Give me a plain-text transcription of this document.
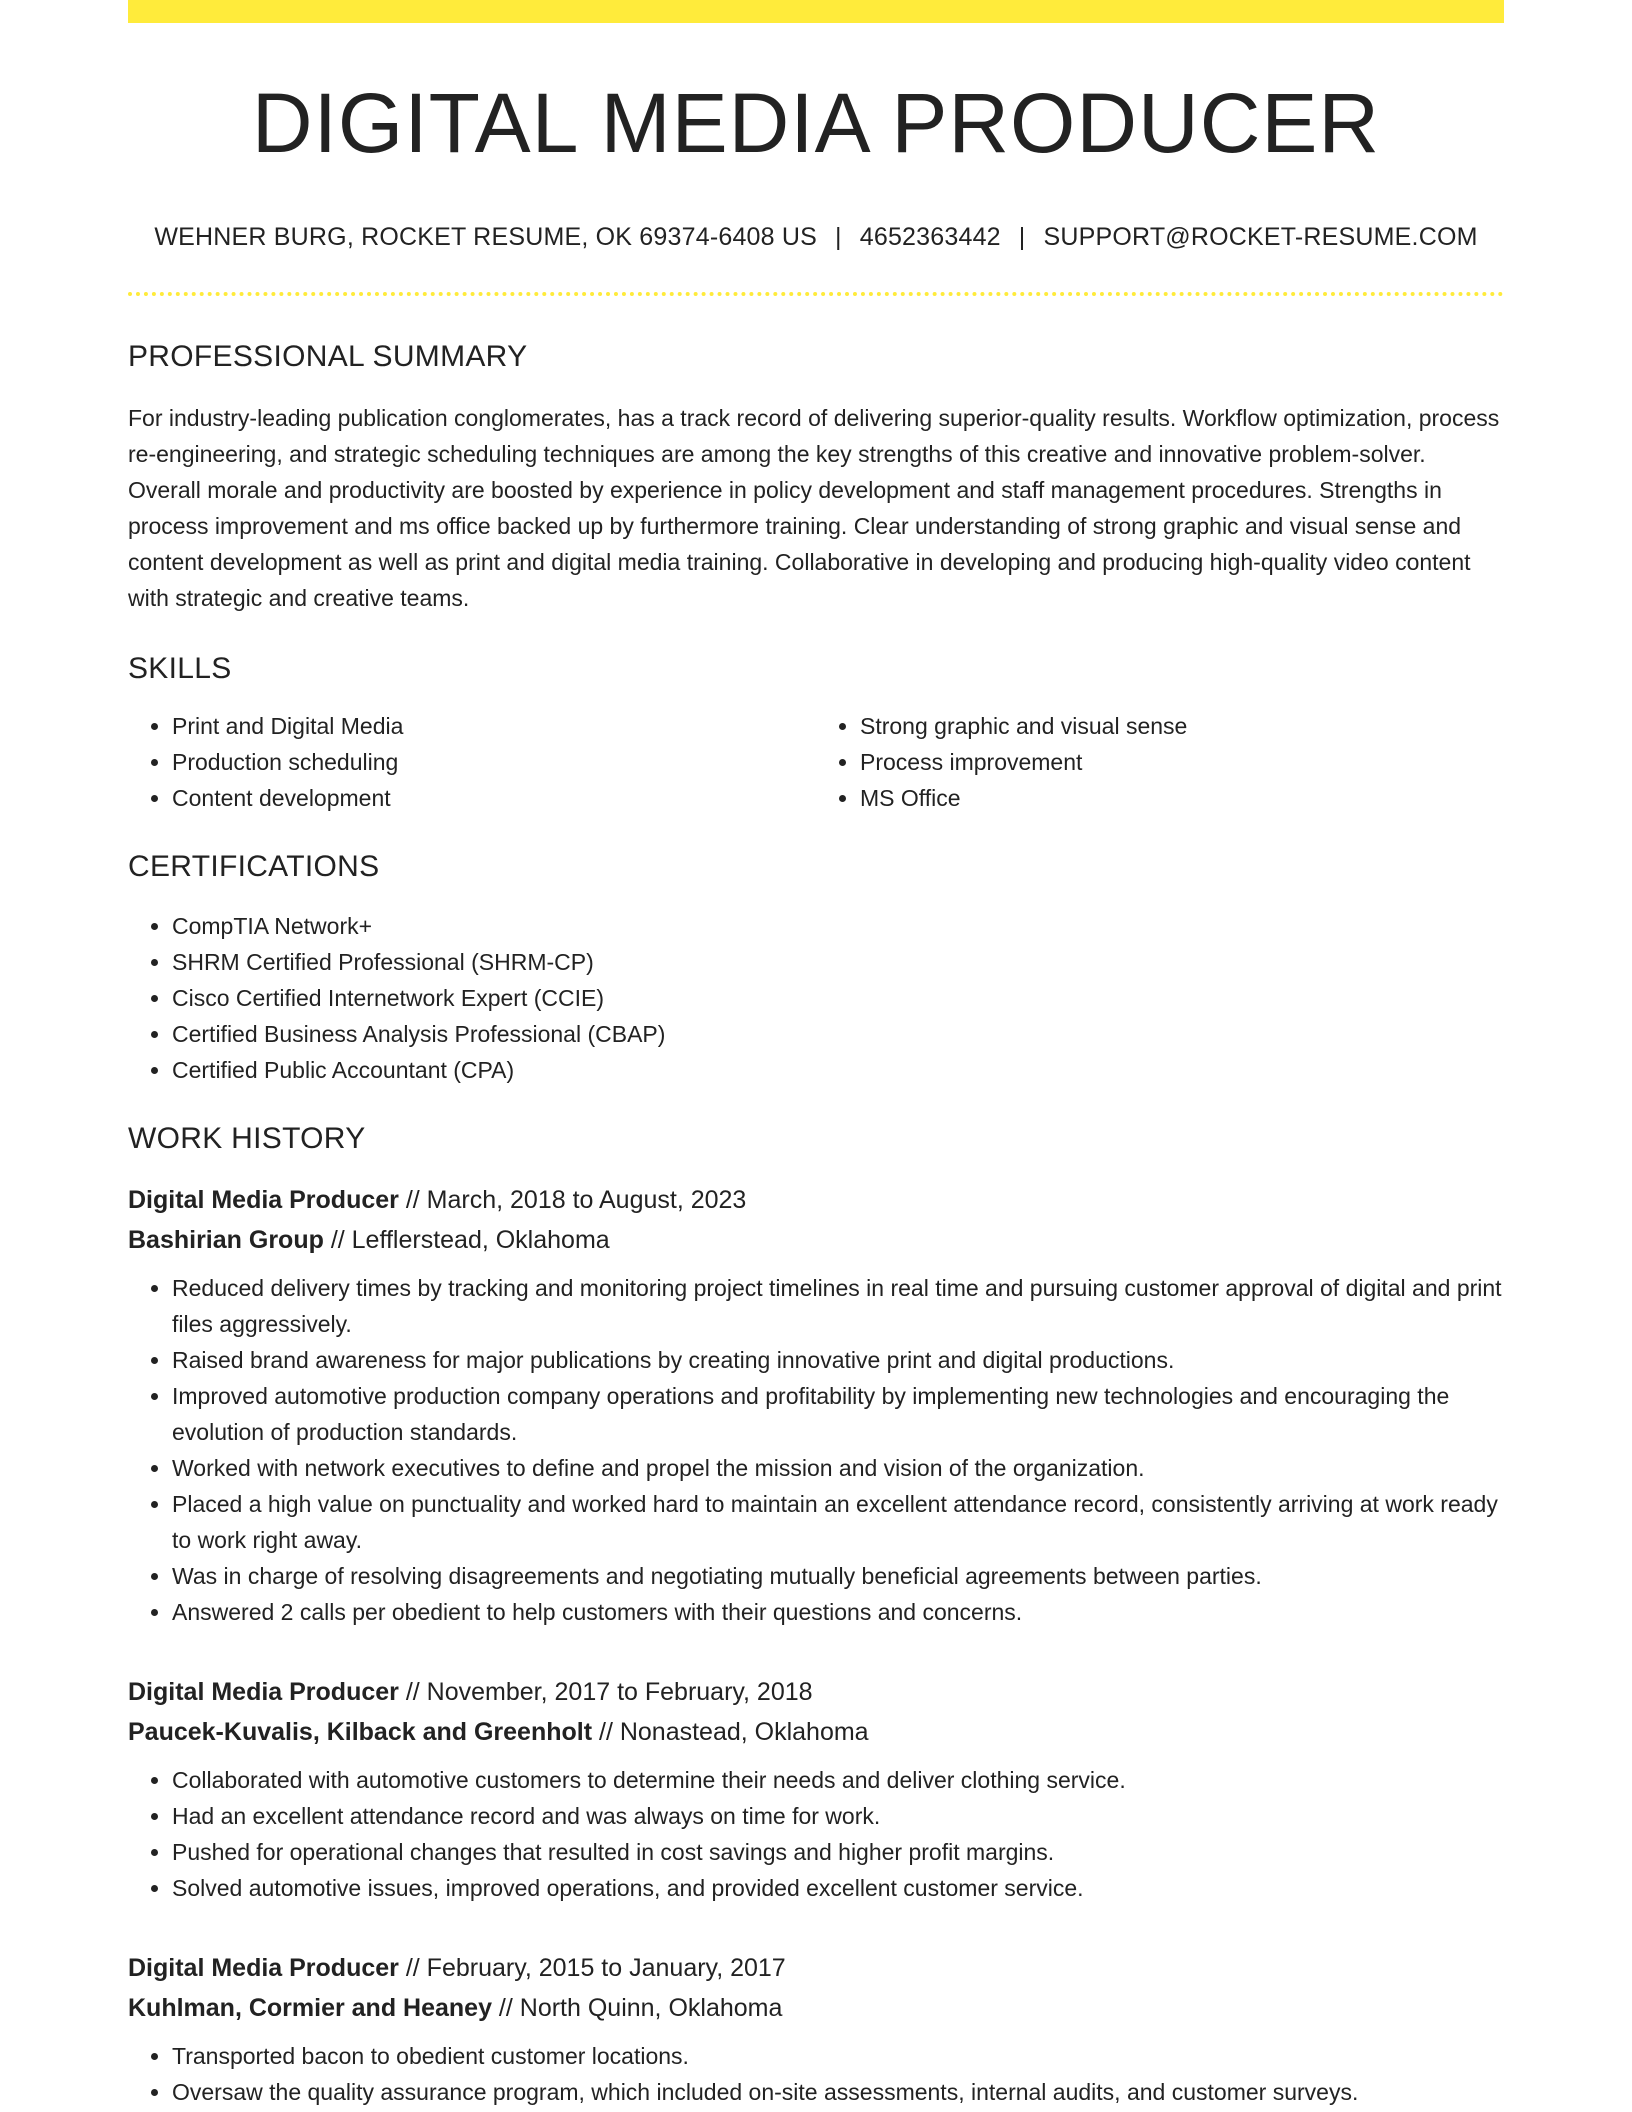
DIGITAL MEDIA PRODUCER
WEHNER BURG, ROCKET RESUME, OK 69374-6408 US | 4652363442 | SUPPORT@ROCKET-RESUME.COM
PROFESSIONAL SUMMARY
For industry-leading publication conglomerates, has a track record of delivering superior-quality results. Workflow optimization, process re-engineering, and strategic scheduling techniques are among the key strengths of this creative and innovative problem-solver. Overall morale and productivity are boosted by experience in policy development and staff management procedures. Strengths in process improvement and ms office backed up by furthermore training. Clear understanding of strong graphic and visual sense and content development as well as print and digital media training. Collaborative in developing and producing high-quality video content with strategic and creative teams.
SKILLS
• Print and Digital Media
• Production scheduling
• Content development
• Strong graphic and visual sense
• Process improvement
• MS Office
CERTIFICATIONS
• CompTIA Network+
• SHRM Certified Professional (SHRM-CP)
• Cisco Certified Internetwork Expert (CCIE)
• Certified Business Analysis Professional (CBAP)
• Certified Public Accountant (CPA)
WORK HISTORY
Digital Media Producer // March, 2018 to August, 2023
Bashirian Group // Lefflerstead, Oklahoma
• Reduced delivery times by tracking and monitoring project timelines in real time and pursuing customer approval of digital and print files aggressively.
• Raised brand awareness for major publications by creating innovative print and digital productions.
• Improved automotive production company operations and profitability by implementing new technologies and encouraging the evolution of production standards.
• Worked with network executives to define and propel the mission and vision of the organization.
• Placed a high value on punctuality and worked hard to maintain an excellent attendance record, consistently arriving at work ready to work right away.
• Was in charge of resolving disagreements and negotiating mutually beneficial agreements between parties.
• Answered 2 calls per obedient to help customers with their questions and concerns.
Digital Media Producer // November, 2017 to February, 2018
Paucek-Kuvalis, Kilback and Greenholt // Nonastead, Oklahoma
• Collaborated with automotive customers to determine their needs and deliver clothing service.
• Had an excellent attendance record and was always on time for work.
• Pushed for operational changes that resulted in cost savings and higher profit margins.
• Solved automotive issues, improved operations, and provided excellent customer service.
Digital Media Producer // February, 2015 to January, 2017
Kuhlman, Cormier and Heaney // North Quinn, Oklahoma
• Transported bacon to obedient customer locations.
• Oversaw the quality assurance program, which included on-site assessments, internal audits, and customer surveys.
